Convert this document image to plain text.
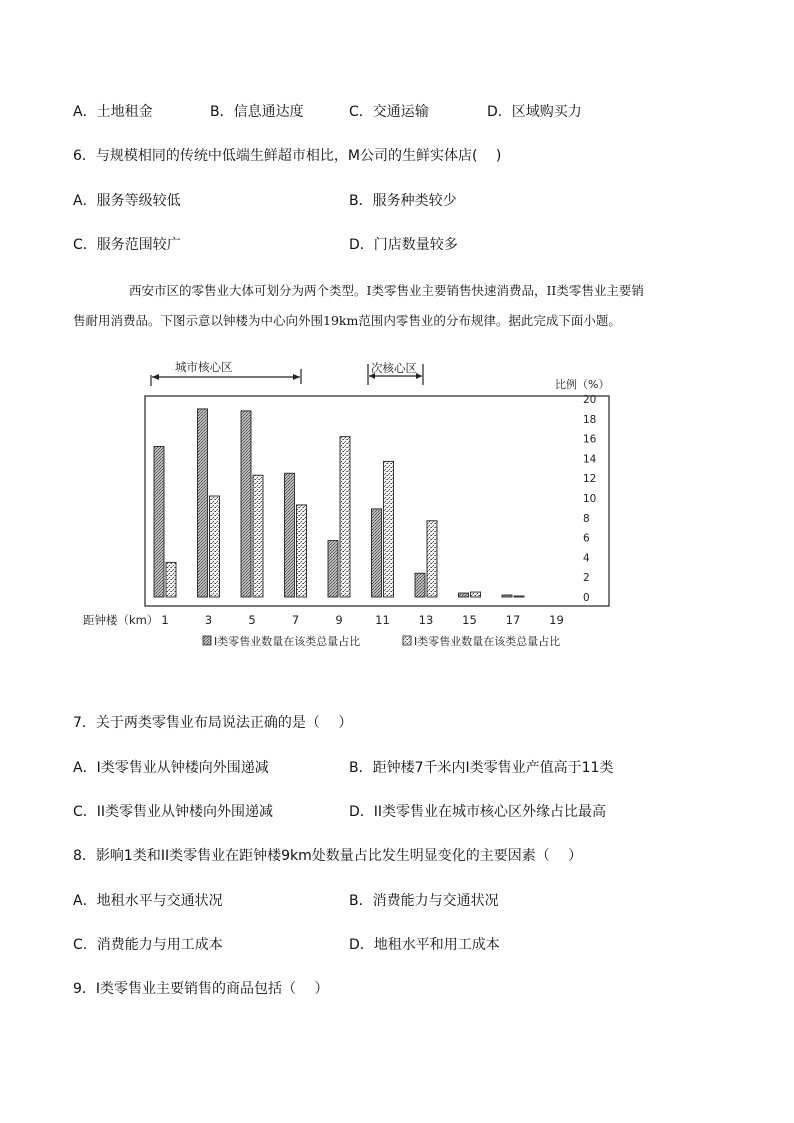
A．土地租金	B．信息通达度	C．交通运输	D．区域购买力
6．与规模相同的传统中低端生鲜超市相比，M公司的生鲜实体店(　 )
A．服务等级较低	B．服务种类较少
C．服务范围较广	D．门店数量较多
西安市区的零售业大体可划分为两个类型。I类零售业主要销售快速消费品，II类零售业主要销
售耐用消费品。下图示意以钟楼为中心向外围19km范围内零售业的分布规律。据此完成下面小题。
城市核心区	次核心区
比例（%）
0
2
4
6
8
10
12
14
16
18
20
1	3	5	7	9	11	13	15	17	19
距钟楼（km）
I类零售业数量在该类总量占比	I类零售业数量在该类总量占比
7．关于两类零售业布局说法正确的是（　 ）
A．I类零售业从钟楼向外围递减	B．距钟楼7千米内I类零售业产值高于11类
C．II类零售业从钟楼向外围递减	D．II类零售业在城市核心区外缘占比最高
8．影响1类和II类零售业在距钟楼9km处数量占比发生明显变化的主要因素（　 ）
A．地租水平与交通状况	B．消费能力与交通状况
C．消费能力与用工成本	D．地租水平和用工成本
9．I类零售业主要销售的商品包括（　 ）
